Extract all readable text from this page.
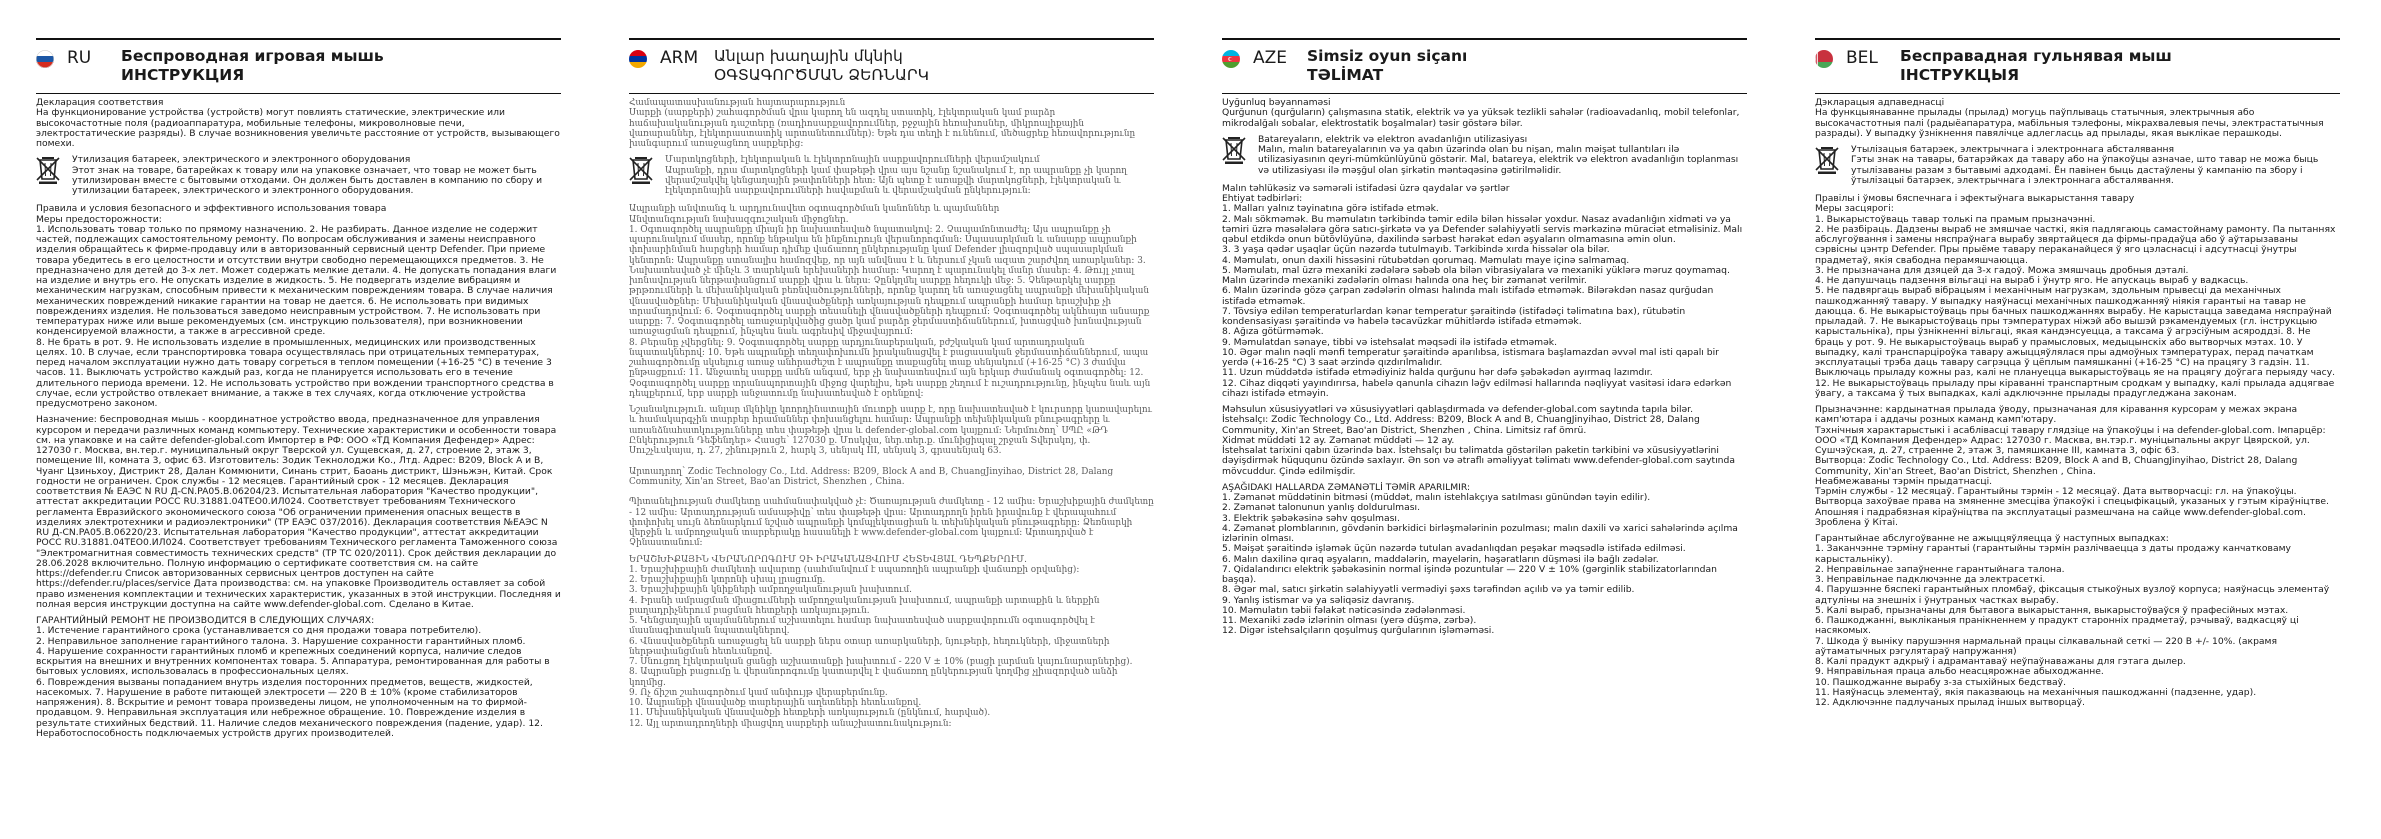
RU	Беспроводная игровая мышь
ИНСТРУКЦИЯ
Декларация соответствия
На функционирование устройства (устройств) могут повлиять статические, электрические или высокочастотные поля (радиоаппаратура, мобильные телефоны, микроволновые печи, электростатические разряды). В случае возникновения увеличьте расстояние от устройств, вызывающего помехи.
Утилизация батареек, электрического и электронного оборудования
Этот знак на товаре, батарейках к товару или на упаковке означает, что товар не может быть утилизирован вместе с бытовыми отходами. Он должен быть доставлен в компанию по сбору и утилизации батареек, электрического и электронного оборудования.
Правила и условия безопасного и эффективного использования товара
Меры предосторожности:
1. Использовать товар только по прямому назначению. 2. Не разбирать. Данное изделие не содержит частей, подлежащих самостоятельному ремонту. По вопросам обслуживания и замены неисправного изделия обращайтесь к фирме-продавцу или в авторизованный сервисный центр Defender. При приеме товара убедитесь в его целостности и отсутствии внутри свободно перемещающихся предметов. 3. Не предназначено для детей до 3-х лет. Может содержать мелкие детали. 4. Не допускать попадания влаги на изделие и внутрь его. Не опускать изделие в жидкость. 5. Не подвергать изделие вибрациям и механическим нагрузкам, способным привести к механическим повреждениям товара. В случае наличия механических повреждений никакие гарантии на товар не дается. 6. Не использовать при видимых повреждениях изделия. Не пользоваться заведомо неисправным устройством. 7. Не использовать при температурах ниже или выше рекомендуемых (см. инструкцию пользователя), при возникновении конденсируемой влажности, а также в агрессивной среде.
8. Не брать в рот. 9. Не использовать изделие в промышленных, медицинских или производственных целях. 10. В случае, если транспортировка товара осуществлялась при отрицательных температурах, перед началом эксплуатации нужно дать товару согреться в теплом помещении (+16-25 °С) в течение 3 часов. 11. Выключать устройство каждый раз, когда не планируется использовать его в течение длительного периода времени. 12. Не использовать устройство при вождении транспортного средства в случае, если устройство отвлекает внимание, а также в тех случаях, когда отключение устройства предусмотрено законом.
Назначение: беспроводная мышь - координатное устройство ввода, предназначенное для управления курсором и передачи различных команд компьютеру. Технические характеристики и особенности товара см. на упаковке и на сайте defender-global.com Импортер в РФ: ООО «ТД Компания Дефендер» Адрес: 127030 г. Москва, вн.тер.г. муниципальный округ Тверской ул. Сущевская, д. 27, строение 2, этаж 3, помещение III, комната 3, офис 63. Изготовитель: Зодик Текнолоджи Ко., Лтд. Адрес: B209, Block A и B, Чуанг Цзиньхоу, Дистрикт 28, Далан Коммюнити, Синань стрит, Баоань дистрикт, Шэньжэн, Китай. Срок годности не ограничен. Срок службы - 12 месяцев. Гарантийный срок - 12 месяцев. Декларация соответствия № ЕАЭС N RU Д-CN.PA05.B.06204/23. Испытательная лаборатория "Качество продукции", аттестат аккредитации РОСС RU.31881.04ТЕО0.ИЛ024. Соответствует требованиям Технического регламента Евразийского экономического союза "Об ограничении применения опасных веществ в изделиях электротехники и радиоэлектроники" (ТР ЕАЭС 037/2016). Декларация соответствия №ЕАЭС N RU Д-CN.PA05.B.06220/23. Испытательная лаборатория "Качество продукции", аттестат аккредитации РОСС RU.31881.04ТЕО0.ИЛ024. Соответствует требованиям Технического регламента Таможенного союза "Электромагнитная совместимость технических средств" (ТР ТС 020/2011). Срок действия декларации до 28.06.2028 включительно. Полную информацию о сертификате соответствия см. на сайте https://defender.ru Список авторизованных сервисных центров доступен на сайте https://defender.ru/places/service Дата производства: см. на упаковке Производитель оставляет за собой право изменения комплектации и технических характеристик, указанных в этой инструкции. Последняя и полная версия инструкции доступна на сайте www.defender-global.com. Сделано в Китае.
ГАРАНТИЙНЫЙ РЕМОНТ НЕ ПРОИЗВОДИТСЯ В СЛЕДУЮЩИХ СЛУЧАЯХ:
1. Истечение гарантийного срока (устанавливается со дня продажи товара потребителю).
2. Неправильное заполнение гарантийного талона. 3. Нарушение сохранности гарантийных пломб.
4. Нарушение сохранности гарантийных пломб и крепежных соединений корпуса, наличие следов вскрытия на внешних и внутренних компонентах товара. 5. Аппаратура, ремонтированная для работы в бытовых условиях, использовалась в профессиональных целях.
6. Повреждения вызваны попаданием внутрь изделия посторонних предметов, веществ, жидкостей, насекомых. 7. Нарушение в работе питающей электросети — 220 В ± 10% (кроме стабилизаторов напряжения). 8. Вскрытие и ремонт товара произведены лицом, не уполномоченным на то фирмой-продавцом. 9. Неправильная эксплуатация или небрежное обращение. 10. Повреждение изделия в результате стихийных бедствий. 11. Наличие следов механического повреждения (падение, удар). 12. Неработоспособность подключаемых устройств других производителей.
ARM	Անլար խաղային մկնիկ
ՕԳՏԱԳՈՐԾՄԱՆ ՁԵՌՆԱՐԿ
Համապատասխանության հայտարարություն
Սարքի (սարքերի) շահագործման վրա կարող են ազդել ստատիկ, էլեկտրական կամ բարձր հաճախականության դաշտերը (ռադիոսարքավորումներ, բջջային հեռախոսներ, միկրոալիքային վառարաններ, էլեկտրաստատիկ արտանետումներ): Եթե դա տեղի է ունենում, մեծացրեք հեռավորությունը խանգարում առաջացնող սարքերից:
Մարտկոցների, էլեկտրական և էլեկտրոնային սարքավորումների վերամշակում
Ապրանքի, դրա մարտկոցների կամ փաթեթի վրա այս նշանը նշանակում է, որ ապրանքը չի կարող վերամշակվել կենցաղային թափոնների հետ: Այն պետք է առաքվի մարտկոցների, էլեկտրական և էլեկտրոնային սարքավորումների հավաքման և վերամշակման ընկերություն:
Ապրանքի անվտանգ և արդյունավետ օգտագործման կանոններ և պայմաններ
Անվտանգության նախազգուշական միջոցներ.
1. Օգտագործել ապրանքը միայն իր նախատեսված նպատակով: 2. Չապամոնտաժել: Այս ապրանքը չի պարունակում մասեր, որոնք ենթակա են ինքնուրույն վերանորոգման: Սպասարկման և անսարք ապրանքի փոխարինման հարցերի համար դիմեք վաճառող ընկերությանը կամ Defender լիազորված սպասարկման կենտրոն: Ապրանքը ստանալիս համոզվեք, որ այն անվնաս է և ներսում չկան ազատ շարժվող առարկաներ: 3. Նախատեսված չէ մինչև 3 տարեկան երեխաների համար: Կարող է պարունակել մանր մասեր: 4. Թույլ չտալ խոնավության ներթափանցում սարքի վրա և ներս: Չընկղմել սարքը հեղուկի մեջ: 5. Չենթարկել սարքը թրթռումների և մեխանիկական բեռնվածությունների, որոնք կարող են առաջացնել ապրանքի մեխանիկական վնասվածքներ: Մեխանիկական վնասվածքների առկայության դեպքում ապրանքի համար երաշխիք չի տրամադրվում: 6. Չօգտագործել սարքի տեսանելի վնասվածքների դեպքում: Չօգտագործել ակնհայտ անսարք սարքը: 7. Չօգտագործել առաջարկվածից ցածր կամ բարձր ջերմաստիճաններում, խտացված խոնավության առաջացման դեպքում, ինչպես նաև ագրեսիվ միջավայրում:
8. Բերանը չվերցնել: 9. Չօգտագործել սարքը արդյունաբերական, բժշկական կամ արտադրական նպատակներով: 10. Եթե ապրանքի տեղափոխումն իրականացվել է բացասական ջերմաստիճաններում, ապա շահագործումը սկսելուց առաջ անհրաժեշտ է ապրանքը տաքացնել տաք սենյակում (+16-25 °С) 3 ժամվա ընթացքում: 11. Անջատել սարքը ամեն անգամ, երբ չի նախատեսվում այն երկար ժամանակ օգտագործել: 12. Չօգտագործել սարքը տրանսպորտային միջոց վարելիս, եթե սարքը շեղում է ուշադրությունը, ինչպես նաև այն դեպքերում, երբ սարքի անջատումը նախատեսված է օրենքով:
Նշանակություն. անլար մկնիկը կոորդինատային մուտքի սարք է, որը նախատեսված է կուրսորը կառավարելու և համակարգչին տարբեր հրամաններ փոխանցելու համար: Ապրանքի տեխնիկական բնութագրերը և առանձնահատկությունները տես փաթեթի վրա և defender-global.com կայքում: Ներմուծող՝ ՍՊԸ «ԹԴ Ընկերություն Դեֆենդեր» Հասցե՝ 127030 ք. Մոսկվա, ներ.տեր.ք. մունիցիպալ շրջան Տվերսկոյ, փ. Սուշչևսկայա, դ. 27, շինություն 2, հարկ 3, սենյակ III, սենյակ 3, գրասենյակ 63.

Արտադրող՝ Zodic Technology Co., Ltd. Address: B209, Block A and B, ChuangJinyihao, District 28, Dalang Community, Xin'an Street, Bao'an District, Shenzhen , China.

Պիտանելիության ժամկետը սահմանափակված չէ: Ծառայության ժամկետը - 12 ամիս: Երաշխիքային ժամկետը - 12 ամիս: Արտադրության ամսաթիվը՝ տես փաթեթի վրա: Արտադրողն իրեն իրավունք է վերապահում փոփոխել սույն ձեռնարկում նշված ապրանքի կոմպլեկտացիան և տեխնիկական բնութագրերը: Ձեռնարկի վերջին և ամբողջական տարբերակը հասանելի է www.defender-global.com կայքում: Արտադրված է Չինաստանում:
ԵՐԱՇԽԻՔԱՅԻՆ ՎԵՐԱՆՈՐՈԳՈՒՄ ՉԻ ԻՐԱԿԱՆԱՑՎՈՒՄ ՀԵՏԵՎՅԱԼ ԴԵՊՔԵՐՈՒՄ.
1. Երաշխիքային ժամկետի ավարտը (սահմանվում է սպառողին ապրանքի վաճառքի օրվանից):
2. Երաշխիքային կտրոնի սխալ լրացումը.
3. Երաշխիքային կնիքների ամբողջականության խախտում.
4. Իրանի ամրացման միացումների ամբողջականության խախտում, ապրանքի արտաքին և ներքին բաղադրիչներում բացման հետքերի առկայություն.
5. Կենցաղային պայմաններում աշխատելու համար նախատեսված սարքավորումն օգտագործվել է մասնագիտական նպատակներով.
6. Վնասվածքներն առաջացել են սարքի ներս օտար առարկաների, նյութերի, հեղուկների, միջատների ներթափանցման հետևանքով.
7. Սնուցող էլեկտրական ցանցի աշխատանքի խախտում - 220 V ± 10% (բացի լարման կայունարարներից).
8. Ապրանքի բացումը և վերանորոգումը կատարվել է վաճառող ընկերության կողմից չլիազորված անձի կողմից.
9. Ոչ ճիշտ շահագործում կամ անփույթ վերաբերմունք.
10. Ապրանքի վնասվածք տարերային աղետների հետևանքով.
11. Մեխանիկական վնասվածքի հետքերի առկայություն (ընկնում, հարված).
12. Այլ արտադրողների միացվող սարքերի անաշխատունակություն:
AZE	Simsiz oyun siçanı
TƏLİMAT
Uyğunluq bəyannaməsi
Qurğunun (qurğuların) çalışmasına statik, elektrik və ya yüksək tezlikli sahələr (radioavadanlıq, mobil telefonlar, mikrodalğalı sobalar, elektrostatik boşalmalar) təsir göstərə bilər.
Batareyaların, elektrik və elektron avadanlığın utilizasiyası
Malın, malın batareyalarının və ya qabın üzərində olan bu nişan, malın məişət tullantıları ilə utilizasiyasının qeyri-mümkünlüyünü göstərir. Mal, batareya, elektrik və elektron avadanlığın toplanması və utilizasiyası ilə məşğul olan şirkətin məntəqəsinə gətirilməlidir.
Malın təhlükəsiz və səmərəli istifadəsi üzrə qaydalar və şərtlər
Ehtiyat tədbirləri:
1. Malları yalnız təyinatına görə istifadə etmək.
2. Malı sökməmək. Bu məmulatın tərkibində təmir edilə bilən hissələr yoxdur. Nasaz avadanlığın xidməti və ya təmiri üzrə məsələlərə görə satıcı-şirkətə və ya Defender səlahiyyətli servis mərkəzinə müraciət etməlisiniz. Malı qəbul etdikdə onun bütövlüyünə, daxilində sərbəst hərəkət edən əşyaların olmamasına əmin olun.
3. 3 yaşa qədər uşaqlar üçün nəzərdə tutulmayıb. Tərkibində xırda hissələr ola bilər.
4. Məmulatı, onun daxili hissəsini rütubətdən qorumaq. Məmulatı maye içinə salmamaq.
5. Məmulatı, mal üzrə mexaniki zədələrə səbəb ola bilən vibrasiyalara və mexaniki yüklərə məruz qoymamaq. Malın üzərində mexaniki zədələrin olması halında ona heç bir zəmanət verilmir.
6. Malın üzərində gözə çarpan zədələrin olması halında malı istifadə etməmək. Bilərəkdən nasaz qurğudan istifadə etməmək.
7. Tövsiyə edilən temperaturlardan kənar temperatur şəraitində (istifadəçi təlimatına bax), rütubətin kondensasiyası şəraitində və habelə təcavüzkar mühitlərdə istifadə etməmək.
8. Ağıza götürməmək.
9. Məmulatdan sənaye, tibbi və istehsalat məqsədi ilə istifadə etməmək.
10. Əgər malın nəqli mənfi temperatur şəraitində aparılıbsa, istismara başlamazdan əvvəl mal isti qapalı bir yerdə (+16-25 °С) 3 saat ərzində qızdırılmalıdır.
11. Uzun müddətdə istifadə etmədiyiniz halda qurğunu hər dəfə şəbəkədən ayırmaq lazımdır.
12. Cihaz diqqəti yayındırırsa, habelə qanunla cihazın ləğv edilməsi hallarında nəqliyyat vasitəsi idarə edərkən cihazı istifadə etməyin.
Məhsulun xüsusiyyətləri və xüsusiyyətləri qablaşdırmada və defender-global.com saytında tapıla bilər.
İstehsalçı: Zodic Technology Co., Ltd. Address: B209, Block A and B, ChuangJinyihao, District 28, Dalang Community, Xin'an Street, Bao'an District, Shenzhen , China. Limitsiz raf ömrü.
Xidmət müddəti 12 ay. Zəmanət müddəti — 12 ay.
İstehsalat tarixini qabın üzərində bax. İstehsalçı bu təlimatda göstərilən paketin tərkibini və xüsusiyyətlərini dəyişdirmək hüququnu özündə saxlayır. Ən son və ətraflı əməliyyat təlimatı www.defender-global.com saytında mövcuddur. Çində edilmişdir.
AŞAĞIDAKI HALLARDA ZƏMANƏTLİ TƏMİR APARILMIR:
1. Zəmanət müddətinin bitməsi (müddət, malın istehlakçıya satılması günündən təyin edilir).
2. Zəmanət talonunun yanlış doldurulması.
3. Elektrik şəbəkəsinə səhv qoşulması.
4. Zəmanət plomblarının, gövdənin bərkidici birləşmələrinin pozulması; malın daxili və xarici sahələrində açılma izlərinin olması.
5. Məişət şəraitində işləmək üçün nəzərdə tutulan avadanlıqdan peşəkar məqsədlə istifadə edilməsi.
6. Malın daxilinə qıraq əşyaların, maddələrin, mayelərin, həşəratların düşməsi ilə bağlı zədələr.
7. Qidalandırıcı elektrik şəbəkəsinin normal işində pozuntular — 220 V ± 10% (gərginlik stabilizatorlarından başqa).
8. Əgər mal, satıcı şirkətin səlahiyyətli vermədiyi şəxs tərəfindən açılıb və ya təmir edilib.
9. Yanlış istismar və ya səliqəsiz davranış.
10. Məmulatın təbii fəlakət nəticəsində zədələnməsi.
11. Mexaniki zədə izlərinin olması (yerə düşmə, zərbə).
12. Digər istehsalçıların qoşulmuş qurğularının işləməməsi.
BEL	Бесправадная гульнявая мыш
ІНСТРУКЦЫЯ
Дэкларацыя адпаведнасці
На функцыянаванне прылады (прылад) могуць паўплываць статычныя, электрычныя або высокачастотныя палі (радыёапаратура, мабільныя тэлефоны, мікрахвалевыя печы, электрастатычныя разрады). У выпадку ўзнікнення павялічце адлегласць ад прылады, якая выклікае перашкоды.
Утылізацыя батарэек, электрычнага і электроннага абсталявання
Гэты знак на тавары, батарэйках да тавару або на ўпакоўцы азначае, што тавар не можа быць утылізаваны разам з бытавымі адходамі. Ён павінен быць дастаўлены ў кампанію па збору і ўтылізацыі батарэек, электрычнага і электроннага абсталявання.
Правілы і ўмовы бяспечнага і эфектыўнага выкарыстання тавару
Меры засцярогі:
1. Выкарыстоўваць тавар толькі па прамым прызначэнні.
2. Не разбіраць. Дадзены выраб не змяшчае часткі, якія падлягаюць самастойнаму рамонту. Па пытаннях абслугоўвання і замены няспраўнага вырабу звяртайцеся да фірмы-прадаўца або ў аўтарызаваны сэрвісны цэнтр Defender. Пры прыёме тавару пераканайцеся ў яго цэласнасці і адсутнасці ўнутры прадметаў, якія свабодна перамяшчаюцца.
3. Не прызначана для дзяцей да 3-х гадоў. Можа змяшчаць дробныя дэталі.
4. Не дапушчаць падзення вільгаці на выраб і ўнутр яго. Не апускаць выраб у вадкасць.
5. Не падвяргаць выраб вібрацыям і механічным нагрузкам, здольным прывесці да механічных пашкоджанняў тавару. У выпадку наяўнасці механічных пашкоджанняў ніякія гарантыі на тавар не даюцца. 6. Не выкарыстоўваць пры бачных пашкоджаннях вырабу. Не карыстацца заведама няспраўнай прыладай. 7. Не выкарыстоўваць пры тэмпературах ніжэй або вышэй рэкамендуемых (гл. інструкцыю карыстальніка), пры ўзнікненні вільгаці, якая кандэнсуецца, а таксама ў агрэсіўным асяроддзі. 8. Не браць у рот. 9. Не выкарыстоўваць выраб у прамысловых, медыцынскіх або вытворчых мэтах. 10. У выпадку, калі транспарціроўка тавару ажыццяўлялася пры адмоўных тэмпературах, перад пачаткам эксплуатацыі трэба даць тавару сагрэцца ў цёплым памяшканні (+16-25 °С) на працягу 3 гадзін. 11. Выключаць прыладу кожны раз, калі не плануецца выкарыстоўваць яе на працягу доўгага перыяду часу.
12. Не выкарыстоўваць прыладу пры кіраванні транспартным сродкам у выпадку, калі прылада адцягвае ўвагу, а таксама ў тых выпадках, калі адключэнне прылады прадугледжана законам.
Прызначэнне: кардынатная прылада ўводу, прызначаная для кіравання курсорам у межах экрана камп'ютара і аддачы розных каманд камп'ютару.
Тэхнічныя характарыстыкі і асаблівасці тавару глядзіце на ўпакоўцы і на defender-global.com. Імпарцёр: ООО «ТД Компания Дефендер» Адрас: 127030 г. Масква, вн.тэр.г. муніцыпальны акруг Цвярской, ул. Сушчэўская, д. 27, страенне 2, этаж 3, памяшканне III, камната 3, офіс 63.
Вытворца: Zodic Technology Co., Ltd. Address: B209, Block A and B, ChuangJinyihao, District 28, Dalang Community, Xin'an Street, Bao'an District, Shenzhen , China.
Неабмежаваны тэрмін прыдатнасці.
Тэрмін службы - 12 месяцаў. Гарантыйны тэрмін - 12 месяцаў. Дата вытворчасці: гл. на ўпакоўцы. Вытворца захоўвае права на змяненне змесціва ўпакоўкі і спецыфікацый, указаных у гэтым кіраўніцтве. Апошняя і падрабязная кіраўніцтва па эксплуатацыі размешчана на сайце www.defender-global.com. Зроблена ў Кітаі.
Гарантыйнае абслугоўванне не ажыццяўляецца ў наступных выпадках:
1. Заканчэнне тэрміну гарантыі (гарантыйны тэрмін разлічваецца з даты продажу канчатковаму карыстальніку).
2. Неправільнае запаўненне гарантыйнага талона.
3. Неправільнае падключэнне да электрасеткі.
4. Парушэнне бяспекі гарантыйных пломбаў, фіксацыя стыкоўных вузлоў корпуса; наяўнасць элементаў адтуліны на знешніх і ўнутраных частках вырабу.
5. Калі выраб, прызначаны для бытавога выкарыстання, выкарыстоўваўся ў прафесійных мэтах.
6. Пашкоджанні, выкліканыя пранікненнем у прадукт старонніх прадметаў, рэчываў, вадкасцяў ці насякомых.
7. Шкода ў выніку парушэння нармальнай працы сілкавальнай сеткі — 220 В +/- 10%. (акрамя аўтаматычных рэгулятараў напружання)
8. Калі прадукт адкрыў і адрамантаваў неўпаўнаважаны для гэтага дылер.
9. Няправільная праца альбо неасцярожнае абыходжанне.
10. Пашкоджанне вырабу з-за стыхійных бедстваў.
11. Наяўнасць элементаў, якія паказваюць на механічныя пашкоджанні (падзенне, удар).
12. Адключэнне падлучаных прылад іншых вытворцаў.
